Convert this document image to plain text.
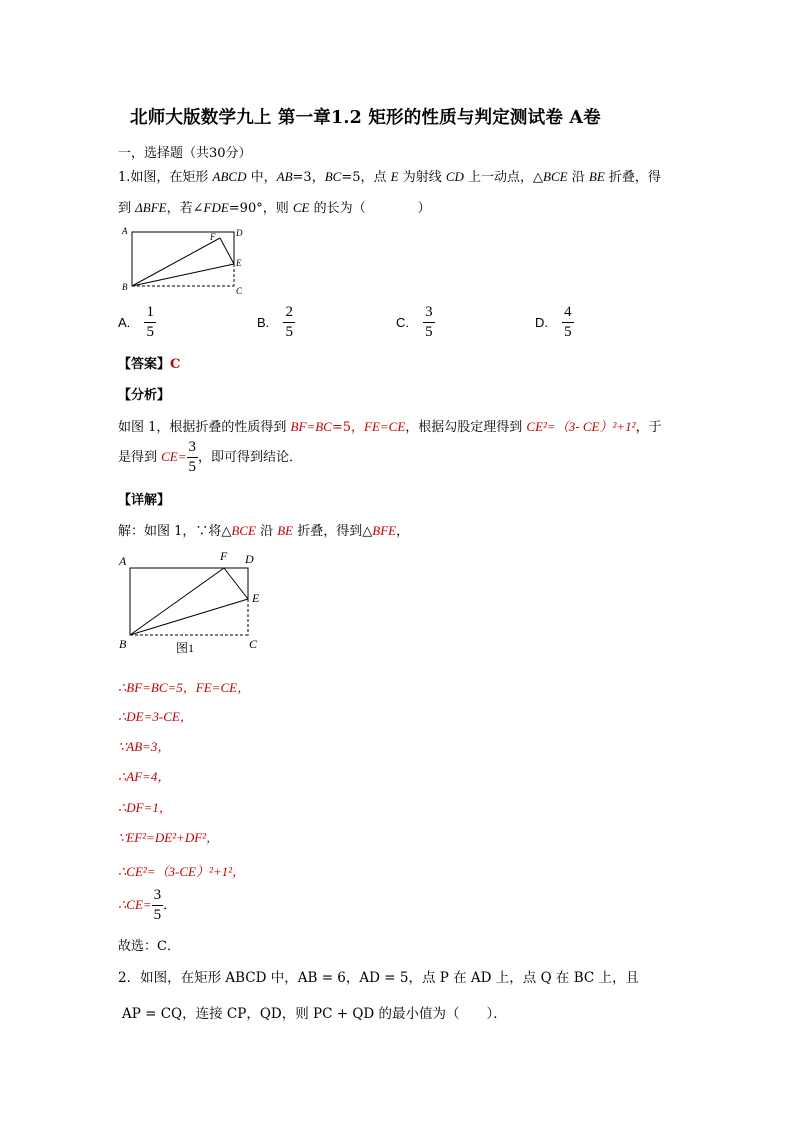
北师大版数学九上 第一章1.2 矩形的性质与判定测试卷 A卷
一，选择题（共30分）
1.如图，在矩形 ABCD 中，AB=3，BC=5，点 E 为射线 CD 上一动点，△BCE 沿 BE 折叠，得
到 ΔBFE，若∠FDE=90°，则 CE 的长为（　　　　）
A
B	C
D
E
F
A. $\frac{1}{5}$	B. $\frac{2}{5}$	C. $\frac{3}{5}$	D. $\frac{4}{5}$
【答案】C
【分析】
如图 1，根据折叠的性质得到 BF=BC=5，FE=CE，根据勾股定理得到 CE²=（3- CE）²+1²，于
是得到 $CE= \frac{3}{5}$ ，即可得到结论．
【详解】
解：如图 1，∵将△BCE 沿 BE 折叠，得到△BFE，
A
B	C
D
E
F
图1
∴BF=BC=5，FE=CE，
∴DE=3-CE，
∵AB=3，
∴AF=4，
∴DF=1，
∵EF²=DE²+DF²，
∴CE²=（3-CE）²+1²，
∴CE= $\frac{3}{5}$ ．
故选：C．
2．如图，在矩形 ABCD 中，AB = 6，AD = 5，点 P 在 AD 上，点 Q 在 BC 上，且
AP = CQ，连接 CP，QD，则 PC + QD 的最小值为（　　）．
